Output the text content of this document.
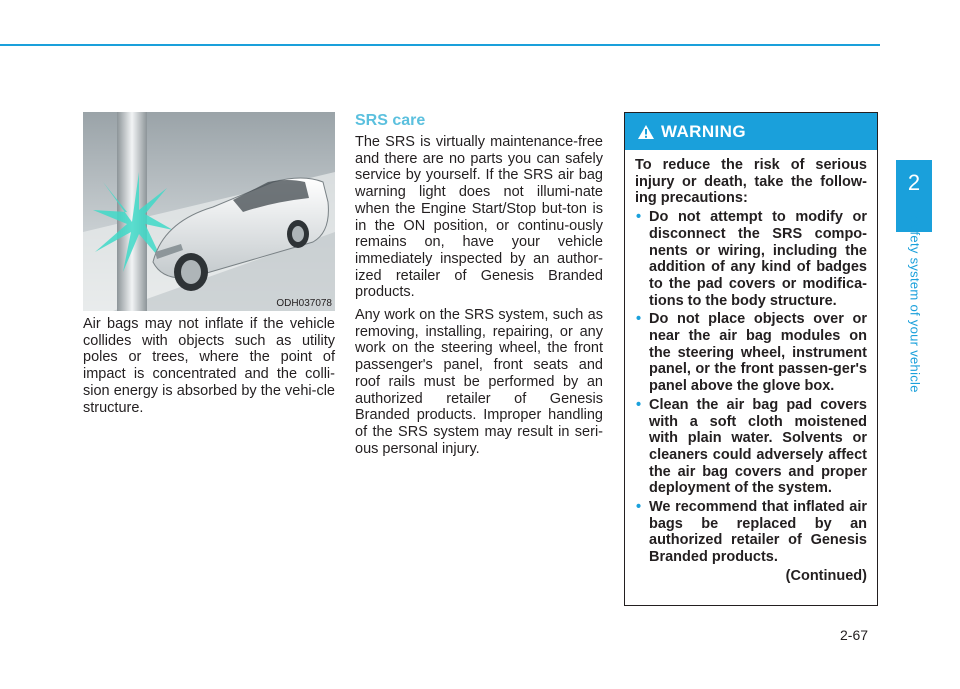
2
Safety system of your vehicle
ODH037078

Air bags may not inflate if the vehicle collides with objects such as utility poles or trees, where the point of impact is concentrated and the colli-sion energy is absorbed by the vehi-cle structure.

SRS care

The SRS is virtually maintenance-free and there are no parts you can safely service by yourself. If the SRS air bag warning light does not illumi-nate when the Engine Start/Stop but-ton is in the ON position, or continu-ously remains on, have your vehicle immediately inspected by an author-ized retailer of Genesis Branded products.

Any work on the SRS system, such as removing, installing, repairing, or any work on the steering wheel, the front passenger's panel, front seats and roof rails must be performed by an authorized retailer of Genesis Branded products. Improper handling of the SRS system may result in seri-ous personal injury.

WARNING

To reduce the risk of serious injury or death, take the follow-ing precautions:

• Do not attempt to modify or disconnect the SRS compo-nents or wiring, including the addition of any kind of badges to the pad covers or modifica-tions to the body structure.
• Do not place objects over or near the air bag modules on the steering wheel, instrument panel, or the front passen-ger's panel above the glove box.
• Clean the air bag pad covers with a soft cloth moistened with plain water. Solvents or cleaners could adversely affect the air bag covers and proper deployment of the system.
• We recommend that inflated air bags be replaced by an authorized retailer of Genesis Branded products.
(Continued)
2-67
